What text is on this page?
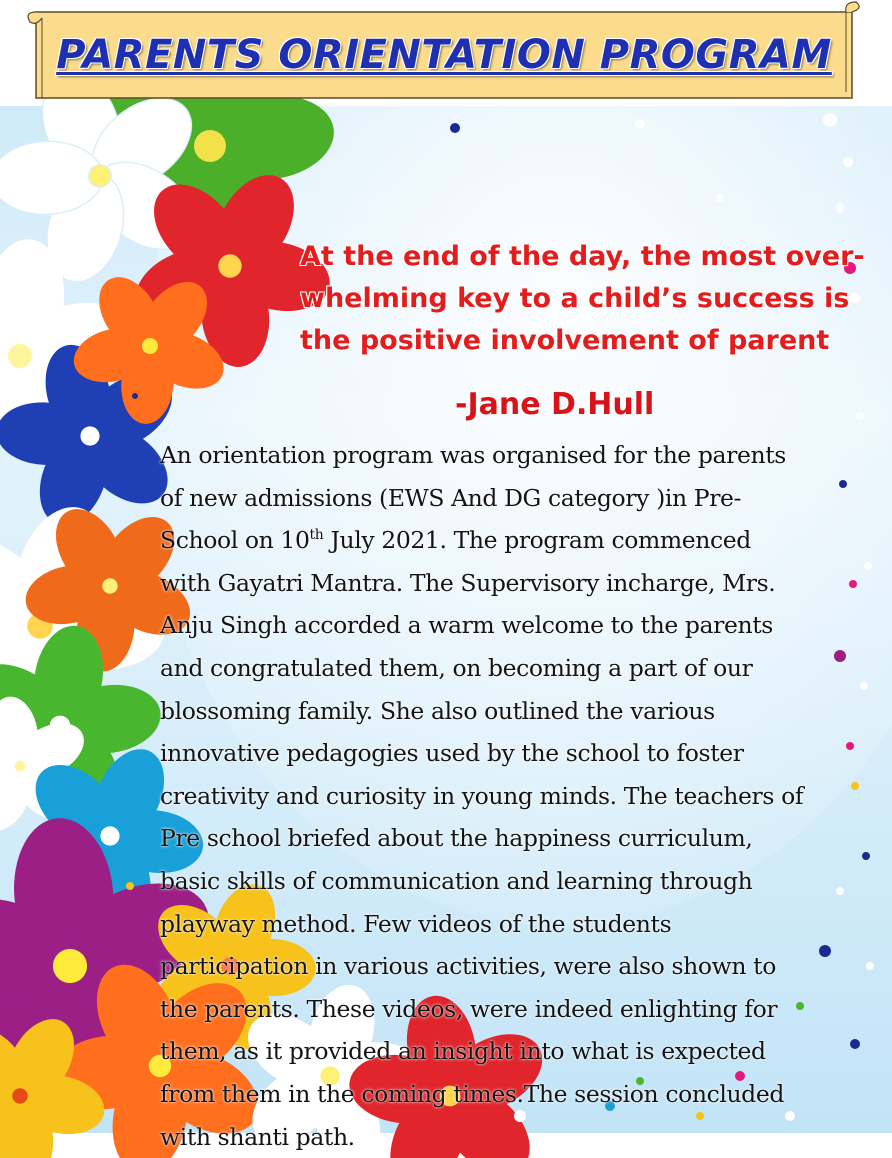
At the end of the day, the most over-whelming key to a child’s success is the positive involvement of parent
-Jane D.Hull
An orientation program was organised for the parents
of new admissions (EWS And DG category )in Pre-
School on 10th July 2021. The program commenced
with Gayatri Mantra. The Supervisory incharge, Mrs.
Anju Singh accorded a warm welcome to the parents
and congratulated them, on becoming a part of our
blossoming family. She also outlined the various
innovative pedagogies used by the school to foster
creativity and curiosity in young minds. The teachers of
Pre school briefed about the happiness curriculum,
basic skills of communication and learning through
playway method. Few videos of the students
participation in various activities, were also shown to
the parents. These videos, were indeed enlighting for
them, as it provided an insight into what is expected
from them in the coming times.The session concluded
with shanti path.
PARENTS ORIENTATION PROGRAM
